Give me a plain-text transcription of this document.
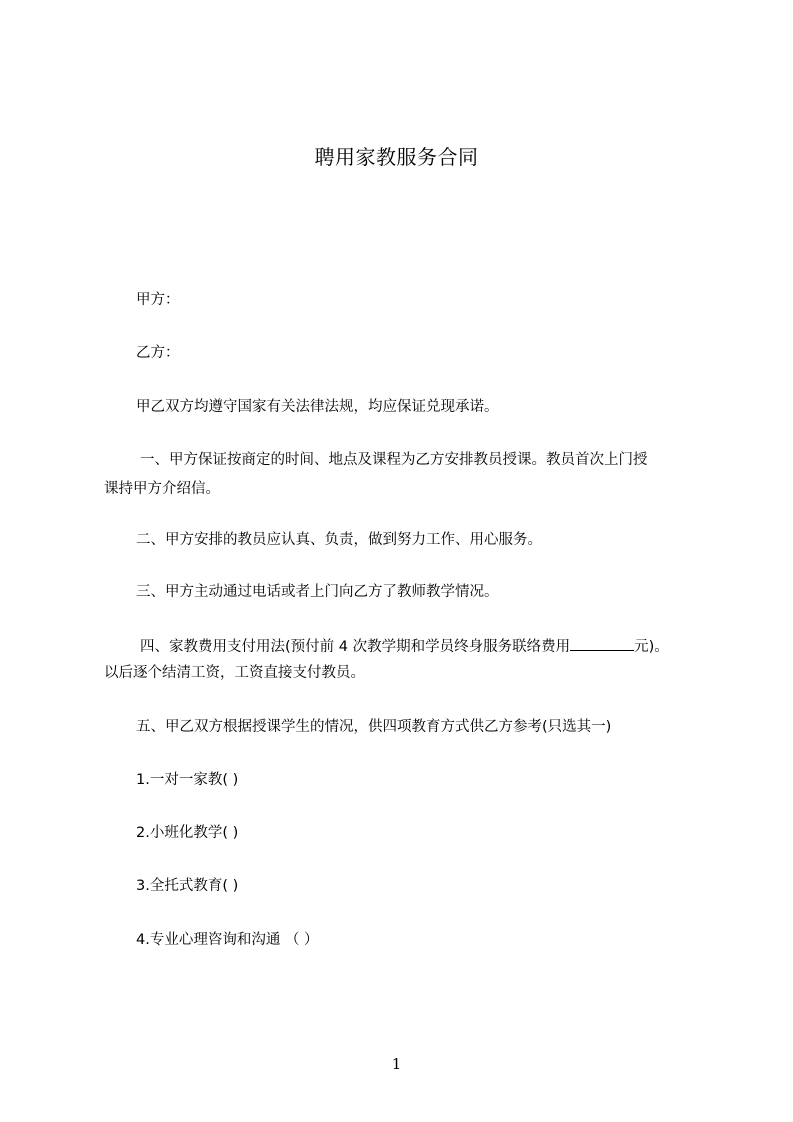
聘用家教服务合同
甲方：
乙方：
甲乙双方均遵守国家有关法律法规，均应保证兑现承诺。
一、甲方保证按商定的时间、地点及课程为乙方安排教员授课。教员首次上门授
课持甲方介绍信。
二、甲方安排的教员应认真、负责，做到努力工作、用心服务。
三、甲方主动通过电话或者上门向乙方了教师教学情况。
四、家教费用支付用法(预付前 4 次教学期和学员终身服务联络费用	元)。
以后逐个结清工资，工资直接支付教员。
五、甲乙双方根据授课学生的情况，供四项教育方式供乙方参考(只选其一)
1.一对一家教( )
2.小班化教学( )
3.全托式教育( )
4.专业心理咨询和沟通 （ ）
1
